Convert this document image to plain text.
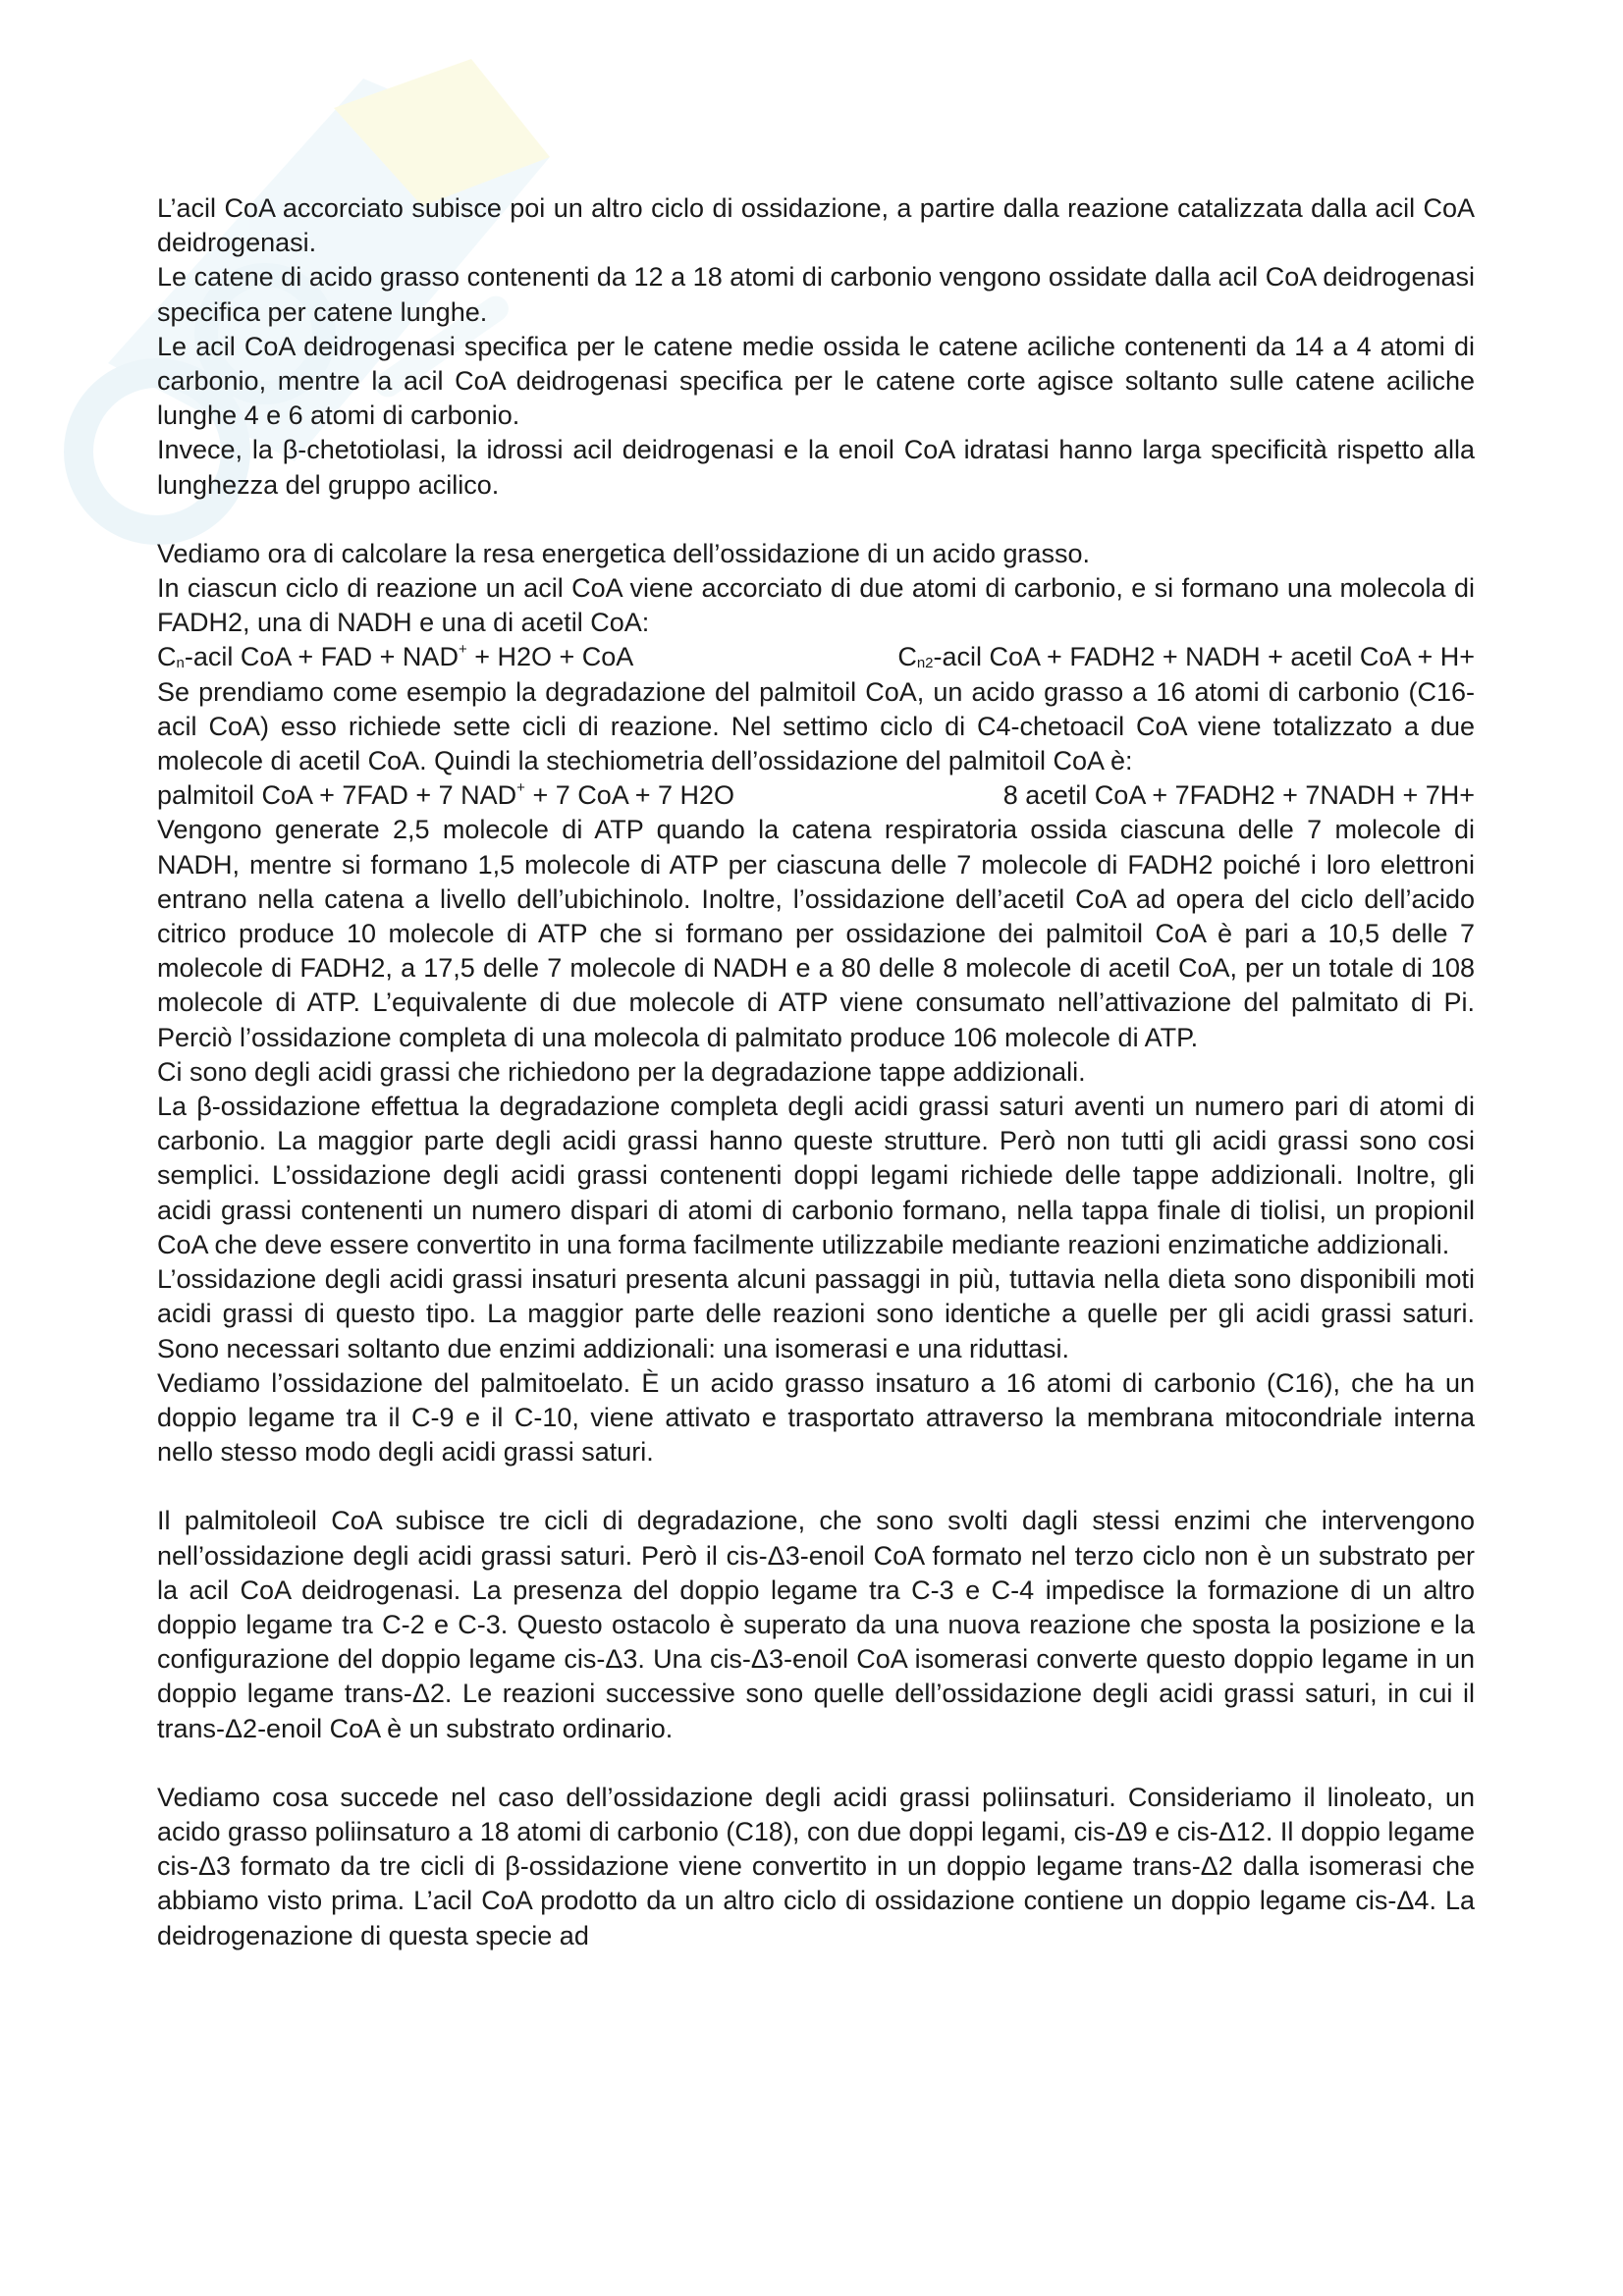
L’acil CoA accorciato subisce poi un altro ciclo di ossidazione, a partire dalla reazione catalizzata dalla acil CoA deidrogenasi.

Le catene di acido grasso contenenti da 12 a 18 atomi di carbonio vengono ossidate dalla acil CoA deidrogenasi specifica per catene lunghe.

Le acil CoA deidrogenasi specifica per le catene medie ossida le catene aciliche contenenti da 14 a 4 atomi di carbonio, mentre la acil CoA deidrogenasi specifica per le catene corte agisce soltanto sulle catene aciliche lunghe 4 e 6 atomi di carbonio.

Invece, la β-chetotiolasi, la idrossi acil deidrogenasi e la enoil CoA idratasi hanno larga specificità rispetto alla lunghezza del gruppo acilico.

Vediamo ora di calcolare la resa energetica dell’ossidazione di un acido grasso.

In ciascun ciclo di reazione un acil CoA viene accorciato di due atomi di carbonio, e si formano una molecola di FADH2, una di NADH e una di acetil CoA:

$C_n$-acil CoA + FAD + NAD+ + H2O + CoA	$C_{n2}$-acil CoA + FADH2 + NADH + acetil CoA + H+

Se prendiamo come esempio la degradazione del palmitoil CoA, un acido grasso a 16 atomi di carbonio (C16-acil CoA) esso richiede sette cicli di reazione. Nel settimo ciclo di C4-chetoacil CoA viene totalizzato a due molecole di acetil CoA. Quindi la stechiometria dell’ossidazione del palmitoil CoA è:

palmitoil CoA + 7FAD + 7 NAD+ + 7 CoA + 7 H2O	8 acetil CoA + 7FADH2 + 7NADH + 7H+

Vengono generate 2,5 molecole di ATP quando la catena respiratoria ossida ciascuna delle 7 molecole di NADH, mentre si formano 1,5 molecole di ATP per ciascuna delle 7 molecole di FADH2 poiché i loro elettroni entrano nella catena a livello dell’ubichinolo. Inoltre, l’ossidazione dell’acetil CoA ad opera del ciclo dell’acido citrico produce 10 molecole di ATP che si formano per ossidazione dei palmitoil CoA è pari a 10,5 delle 7 molecole di FADH2, a 17,5 delle 7 molecole di NADH e a 80 delle 8 molecole di acetil CoA, per un totale di 108 molecole di ATP. L’equivalente di due molecole di ATP viene consumato nell’attivazione del palmitato di Pi. Perciò l’ossidazione completa di una molecola di palmitato produce 106 molecole di ATP.

Ci sono degli acidi grassi che richiedono per la degradazione tappe addizionali.

La β-ossidazione effettua la degradazione completa degli acidi grassi saturi aventi un numero pari di atomi di carbonio. La maggior parte degli acidi grassi hanno queste strutture. Però non tutti gli acidi grassi sono cosi semplici. L’ossidazione degli acidi grassi contenenti doppi legami richiede delle tappe addizionali. Inoltre, gli acidi grassi contenenti un numero dispari di atomi di carbonio formano, nella tappa finale di tiolisi, un propionil CoA che deve essere convertito in una forma facilmente utilizzabile mediante reazioni enzimatiche addizionali.

L’ossidazione degli acidi grassi insaturi presenta alcuni passaggi in più, tuttavia nella dieta sono disponibili moti acidi grassi di questo tipo. La maggior parte delle reazioni sono identiche a quelle per gli acidi grassi saturi. Sono necessari soltanto due enzimi addizionali: una isomerasi e una riduttasi.

Vediamo l’ossidazione del palmitoelato. È un acido grasso insaturo a 16 atomi di carbonio (C16), che ha un doppio legame tra il C-9 e il C-10, viene attivato e trasportato attraverso la membrana mitocondriale interna nello stesso modo degli acidi grassi saturi.

Il palmitoleoil CoA subisce tre cicli di degradazione, che sono svolti dagli stessi enzimi che intervengono nell’ossidazione degli acidi grassi saturi. Però il cis-Δ3-enoil CoA formato nel terzo ciclo non è un substrato per la acil CoA deidrogenasi. La presenza del doppio legame tra C-3 e C-4 impedisce la formazione di un altro doppio legame tra C-2 e C-3. Questo ostacolo è superato da una nuova reazione che sposta la posizione e la configurazione del doppio legame cis-Δ3. Una cis-Δ3-enoil CoA isomerasi converte questo doppio legame in un doppio legame trans-Δ2. Le reazioni successive sono quelle dell’ossidazione degli acidi grassi saturi, in cui il trans-Δ2-enoil CoA è un substrato ordinario.

Vediamo cosa succede nel caso dell’ossidazione degli acidi grassi poliinsaturi. Consideriamo il linoleato, un acido grasso poliinsaturo a 18 atomi di carbonio (C18), con due doppi legami, cis-Δ9 e cis-Δ12. Il doppio legame cis-Δ3 formato da tre cicli di β-ossidazione viene convertito in un doppio legame trans-Δ2 dalla isomerasi che abbiamo visto prima. L’acil CoA prodotto da un altro ciclo di ossidazione contiene un doppio legame cis-Δ4. La deidrogenazione di questa specie ad
